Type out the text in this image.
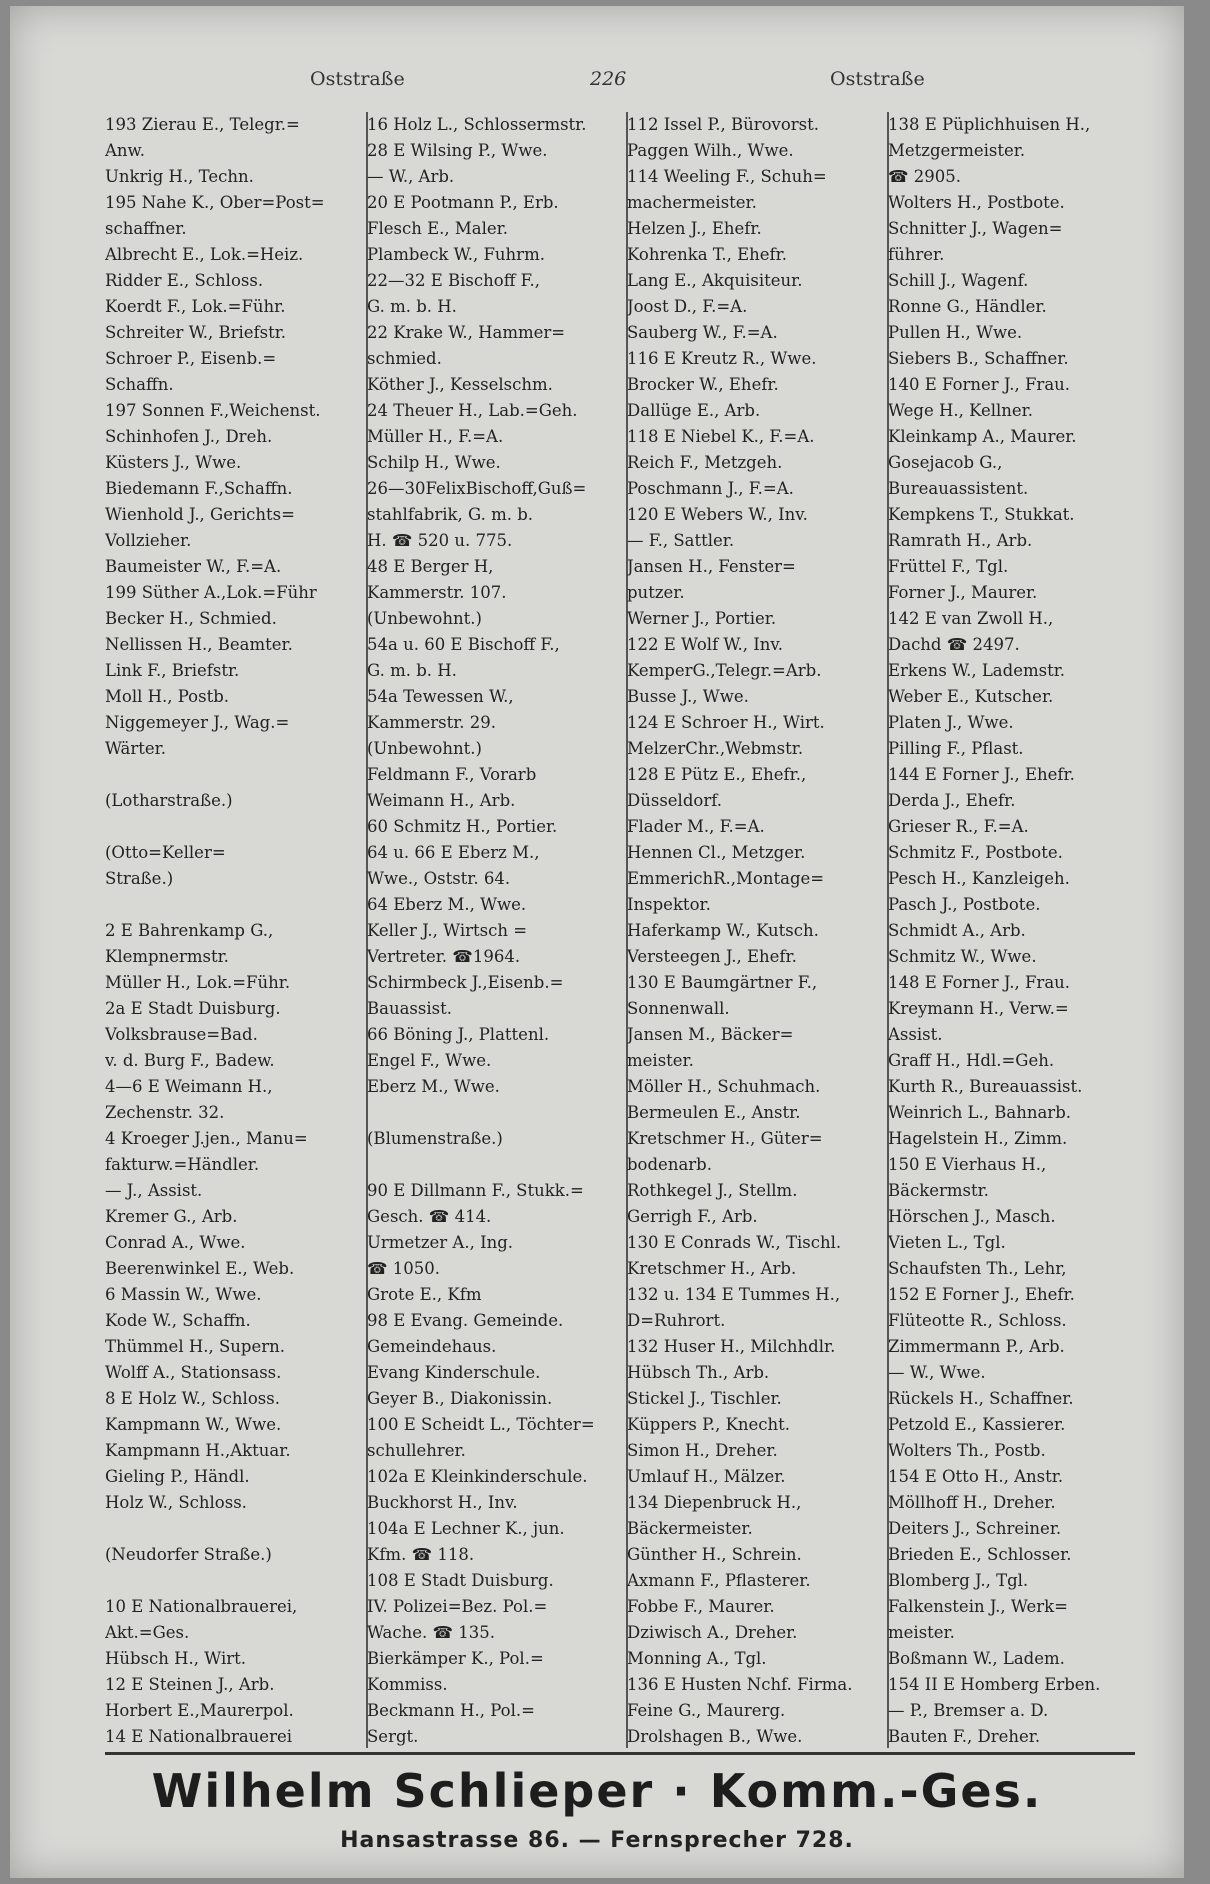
Oststraße	226	Oststraße
193 Zierau E., Telegr.=
Anw.
Unkrig H., Techn.
195 Nahe K., Ober=Post=
schaffner.
Albrecht E., Lok.=Heiz.
Ridder E., Schloss.
Koerdt F., Lok.=Führ.
Schreiter W., Briefstr.
Schroer P., Eisenb.=
Schaffn.
197 Sonnen F.,Weichenst.
Schinhofen J., Dreh.
Küsters J., Wwe.
Biedemann F.,Schaffn.
Wienhold J., Gerichts=
Vollzieher.
Baumeister W., F.=A.
199 Süther A.,Lok.=Führ
Becker H., Schmied.
Nellissen H., Beamter.
Link F., Briefstr.
Moll H., Postb.
Niggemeyer J., Wag.=
Wärter.

(Lotharstraße.)

(Otto=Keller=
Straße.)

2 E Bahrenkamp G.,
Klempnermstr.
Müller H., Lok.=Führ.
2a E Stadt Duisburg.
Volksbrause=Bad.
v. d. Burg F., Badew.
4—6 E Weimann H.,
Zechenstr. 32.
4 Kroeger J.jen., Manu=
fakturw.=Händler.
— J., Assist.
Kremer G., Arb.
Conrad A., Wwe.
Beerenwinkel E., Web.
6 Massin W., Wwe.
Kode W., Schaffn.
Thümmel H., Supern.
Wolff A., Stationsass.
8 E Holz W., Schloss.
Kampmann W., Wwe.
Kampmann H.,Aktuar.
Gieling P., Händl.
Holz W., Schloss.

(Neudorfer Straße.)

10 E Nationalbrauerei,
Akt.=Ges.
Hübsch H., Wirt.
12 E Steinen J., Arb.
Horbert E.,Maurerpol.
14 E Nationalbrauerei
16 Holz L., Schlossermstr.
28 E Wilsing P., Wwe.
— W., Arb.
20 E Pootmann P., Erb.
Flesch E., Maler.
Plambeck W., Fuhrm.
22—32 E Bischoff F.,
G. m. b. H.
22 Krake W., Hammer=
schmied.
Köther J., Kesselschm.
24 Theuer H., Lab.=Geh.
Müller H., F.=A.
Schilp H., Wwe.
26—30FelixBischoff,Guß=
stahlfabrik, G. m. b.
H. ☎ 520 u. 775.
48 E Berger H,
Kammerstr. 107.
(Unbewohnt.)
54a u. 60 E Bischoff F.,
G. m. b. H.
54a Tewessen W.,
Kammerstr. 29.
(Unbewohnt.)
Feldmann F., Vorarb
Weimann H., Arb.
60 Schmitz H., Portier.
64 u. 66 E Eberz M.,
Wwe., Oststr. 64.
64 Eberz M., Wwe.
Keller J., Wirtsch =
Vertreter. ☎1964.
Schirmbeck J.,Eisenb.=
Bauassist.
66 Böning J., Plattenl.
Engel F., Wwe.
Eberz M., Wwe.

(Blumenstraße.)

90 E Dillmann F., Stukk.=
Gesch. ☎ 414.
Urmetzer A., Ing.
☎ 1050.
Grote E., Kfm
98 E Evang. Gemeinde.
Gemeindehaus.
Evang Kinderschule.
Geyer B., Diakonissin.
100 E Scheidt L., Töchter=
schullehrer.
102a E Kleinkinderschule.
Buckhorst H., Inv.
104a E Lechner K., jun.
Kfm. ☎ 118.
108 E Stadt Duisburg.
IV. Polizei=Bez. Pol.=
Wache. ☎ 135.
Bierkämper K., Pol.=
Kommiss.
Beckmann H., Pol.=
Sergt.

112 Issel P., Bürovorst.
Paggen Wilh., Wwe.
114 Weeling F., Schuh=
machermeister.
Helzen J., Ehefr.
Kohrenka T., Ehefr.
Lang E., Akquisiteur.
Joost D., F.=A.
Sauberg W., F.=A.
116 E Kreutz R., Wwe.
Brocker W., Ehefr.
Dallüge E., Arb.
118 E Niebel K., F.=A.
Reich F., Metzgeh.
Poschmann J., F.=A.
120 E Webers W., Inv.
— F., Sattler.
Jansen H., Fenster=
putzer.
Werner J., Portier.
122 E Wolf W., Inv.
KemperG.,Telegr.=Arb.
Busse J., Wwe.
124 E Schroer H., Wirt.
MelzerChr.,Webmstr.
128 E Pütz E., Ehefr.,
Düsseldorf.
Flader M., F.=A.
Hennen Cl., Metzger.
EmmerichR.,Montage=
Inspektor.
Haferkamp W., Kutsch.
Versteegen J., Ehefr.
130 E Baumgärtner F.,
Sonnenwall.
Jansen M., Bäcker=
meister.
Möller H., Schuhmach.
Bermeulen E., Anstr.
Kretschmer H., Güter=
bodenarb.
Rothkegel J., Stellm.
Gerrigh F., Arb.
130 E Conrads W., Tischl.
Kretschmer H., Arb.
132 u. 134 E Tummes H.,
D=Ruhrort.
132 Huser H., Milchhdlr.
Hübsch Th., Arb.
Stickel J., Tischler.
Küppers P., Knecht.
Simon H., Dreher.
Umlauf H., Mälzer.
134 Diepenbruck H.,
Bäckermeister.
Günther H., Schrein.
Axmann F., Pflasterer.
Fobbe F., Maurer.
Dziwisch A., Dreher.
Monning A., Tgl.
136 E Husten Nchf. Firma.
Feine G., Maurerg.
Drolshagen B., Wwe.
138 E Püplichhuisen H.,
Metzgermeister.
☎ 2905.
Wolters H., Postbote.
Schnitter J., Wagen=
führer.
Schill J., Wagenf.
Ronne G., Händler.
Pullen H., Wwe.
Siebers B., Schaffner.
140 E Forner J., Frau.
Wege H., Kellner.
Kleinkamp A., Maurer.
Gosejacob G.,
Bureauassistent.
Kempkens T., Stukkat.
Ramrath H., Arb.
Früttel F., Tgl.
Forner J., Maurer.
142 E van Zwoll H.,
Dachd ☎ 2497.
Erkens W., Lademstr.
Weber E., Kutscher.
Platen J., Wwe.
Pilling F., Pflast.
144 E Forner J., Ehefr.
Derda J., Ehefr.
Grieser R., F.=A.
Schmitz F., Postbote.
Pesch H., Kanzleigeh.
Pasch J., Postbote.
Schmidt A., Arb.
Schmitz W., Wwe.
148 E Forner J., Frau.
Kreymann H., Verw.=
Assist.
Graff H., Hdl.=Geh.
Kurth R., Bureauassist.
Weinrich L., Bahnarb.
Hagelstein H., Zimm.
150 E Vierhaus H.,
Bäckermstr.
Hörschen J., Masch.
Vieten L., Tgl.
Schaufsten Th., Lehr,
152 E Forner J., Ehefr.
Flüteotte R., Schloss.
Zimmermann P., Arb.
— W., Wwe.
Rückels H., Schaffner.
Petzold E., Kassierer.
Wolters Th., Postb.
154 E Otto H., Anstr.
Möllhoff H., Dreher.
Deiters J., Schreiner.
Brieden E., Schlosser.
Blomberg J., Tgl.
Falkenstein J., Werk=
meister.
Boßmann W., Ladem.
154 II E Homberg Erben.
— P., Bremser a. D.
Bauten F., Dreher.
Wilhelm Schlieper · Komm.-Ges.
Hansastrasse 86. — Fernsprecher 728.
